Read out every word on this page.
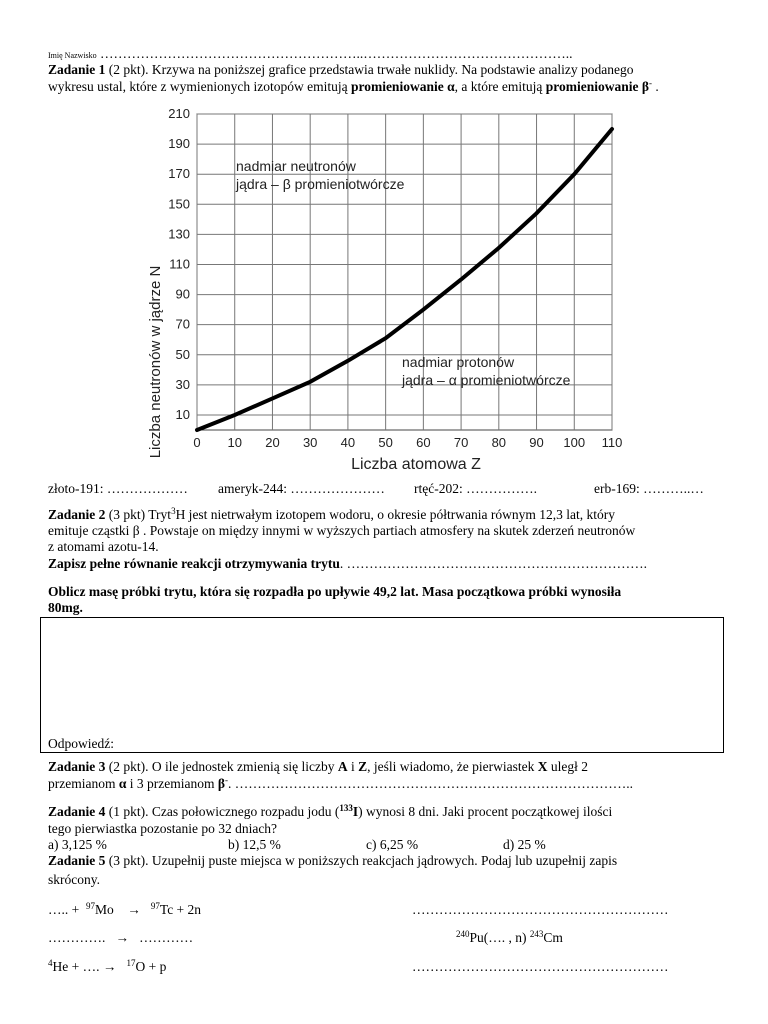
Imię Nazwisko …………………………………………………..………………………………………..
Zadanie 1 (2 pkt). Krzywa na poniższej grafice przedstawia trwałe nuklidy. Na podstawie analizy podanego
wykresu ustal, które z wymienionych izotopów emitują promieniowanie α, a które emitują promieniowanie β- .
0 10 20 30 40 50 60 70 80 90 100 110
10
30
50
70
90
110
130
150
170
190
210
Liczba neutronów w jądrze N
Liczba atomowa Z
nadmiar neutronów
jądra – β promieniotwórcze
nadmiar protonów
jądra – α promieniotwórcze
złoto-191: ……………… ameryk-244: ………………… rtęć-202: …………….	erb-169: ………..…
Zadanie 2 (3 pkt) Tryt$^3$H jest nietrwałym izotopem wodoru, o okresie półtrwania równym 12,3 lat, który
emituje cząstki β . Powstaje on między innymi w wyższych partiach atmosfery na skutek zderzeń neutronów
z atomami azotu-14.
Zapisz pełne równanie reakcji otrzymywania trytu. ………………………………………………………….
Oblicz masę próbki trytu, która się rozpadła po upływie 49,2 lat. Masa początkowa próbki wynosiła
80mg.
Odpowiedź:
Zadanie 3 (2 pkt). O ile jednostek zmienią się liczby A i Z, jeśli wiadomo, że pierwiastek X uległ 2
przemianom α i 3 przemianom β-. ……………………………………………………………………………..
Zadanie 4 (1 pkt). Czas połowicznego rozpadu jodu ($^{133}$I) wynosi 8 dni. Jaki procent początkowej ilości
tego pierwiastka pozostanie po 32 dniach?
a) 3,125 %	b) 12,5 %	c) 6,25 %	d) 25 %
Zadanie 5 (3 pkt). Uzupełnij puste miejsca w poniższych reakcjach jądrowych. Podaj lub uzupełnij zapis
skrócony.
….. + $^{97}$Mo → $^{97}$Tc + 2n	…………………………………………………
…………. → …………	$^{240}$Pu(…. , n) $^{243}$Cm
$^4$He + …. → $^{17}$O + p	…………………………………………………
